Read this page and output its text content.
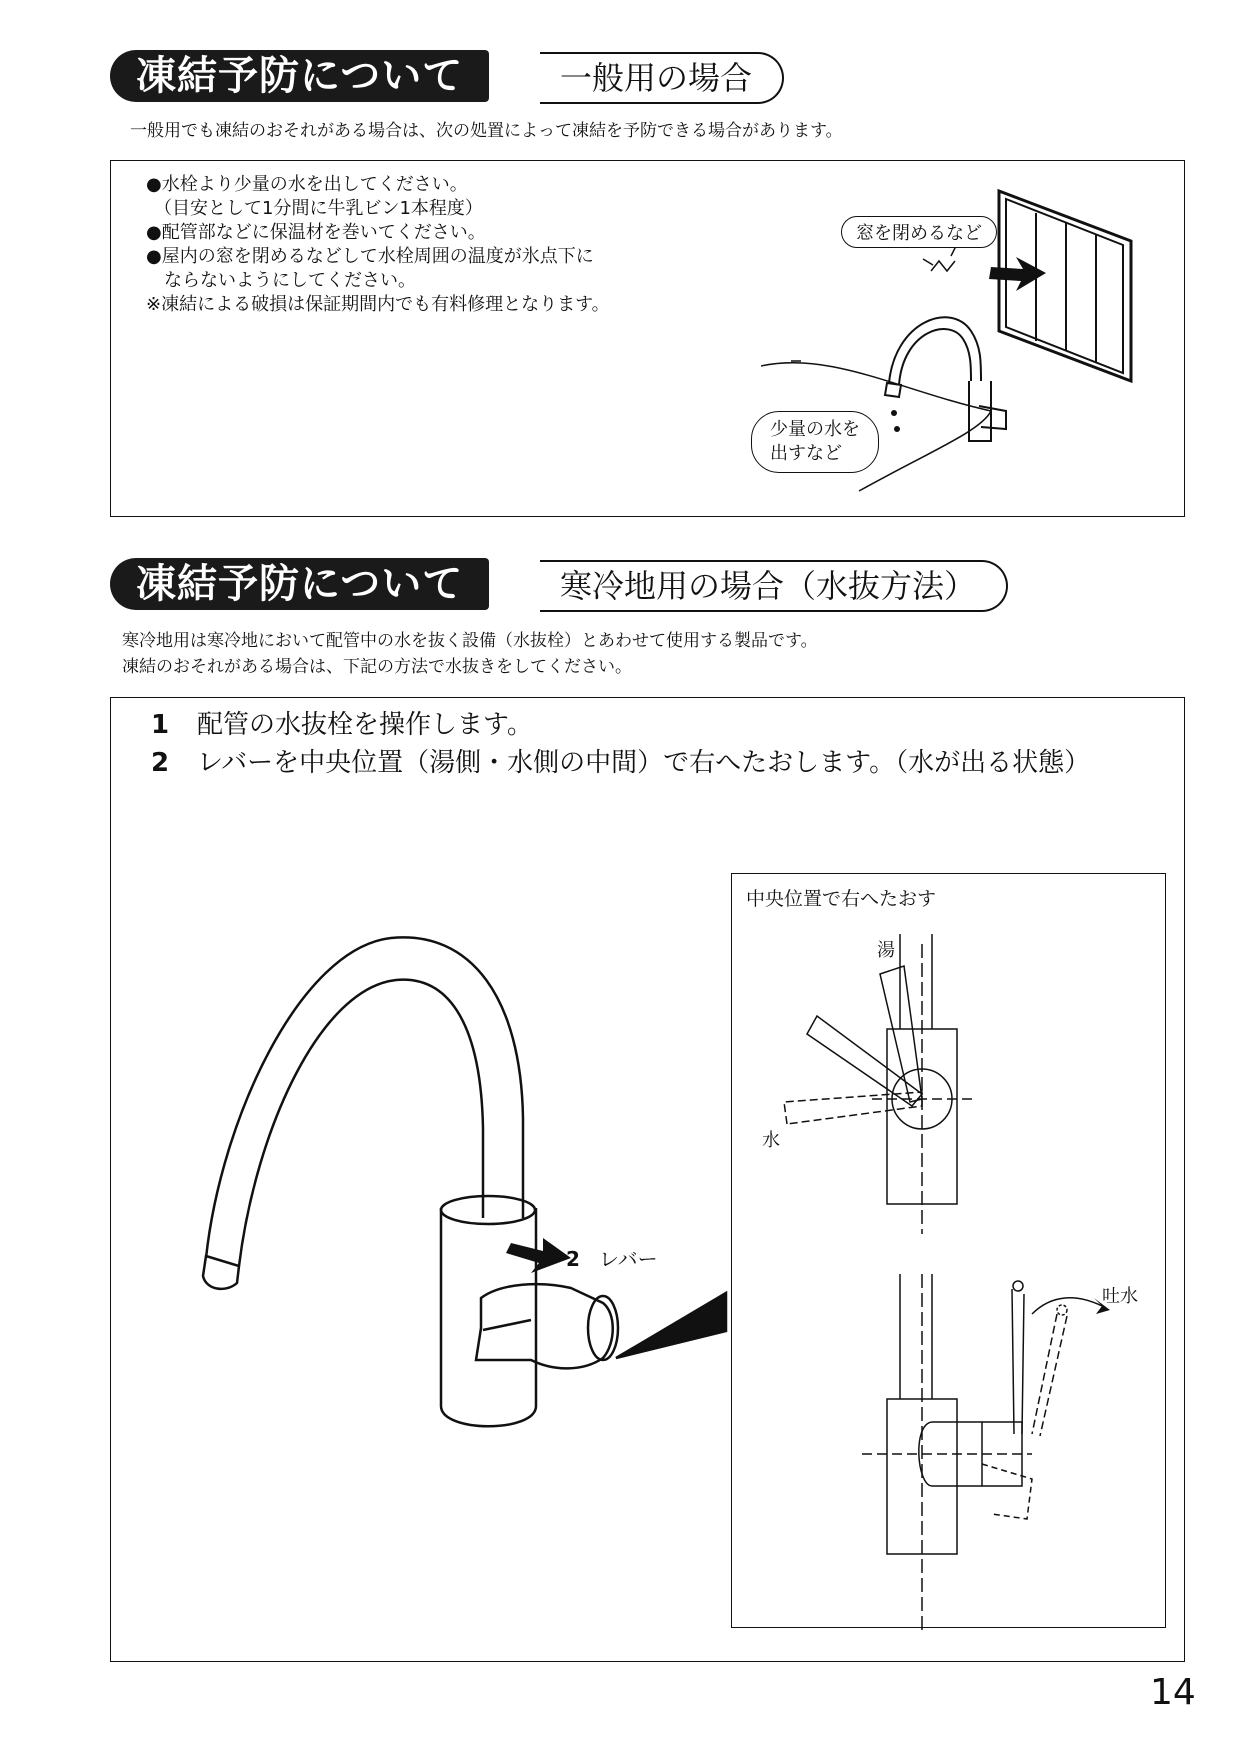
一般用の場合
凍結予防について
一般用でも凍結のおそれがある場合は、次の処置によって凍結を予防できる場合があります。
●水栓より少量の水を出してください。
（目安として1分間に牛乳ビン1本程度）
●配管部などに保温材を巻いてください。
●屋内の窓を閉めるなどして水栓周囲の温度が氷点下に
ならないようにしてください。
※凍結による破損は保証期間内でも有料修理となります。
窓を閉めるなど
少量の水を
出すなど
寒冷地用の場合（水抜方法）
凍結予防について
寒冷地用は寒冷地において配管中の水を抜く設備（水抜栓）とあわせて使用する製品です。
凍結のおそれがある場合は、下記の方法で水抜きをしてください。
1 配管の水抜栓を操作します。
2 レバーを中央位置（湯側・水側の中間）で右へたおします。（水が出る状態）
2 レバー
中央位置で右へたおす
湯
水
吐水
14
